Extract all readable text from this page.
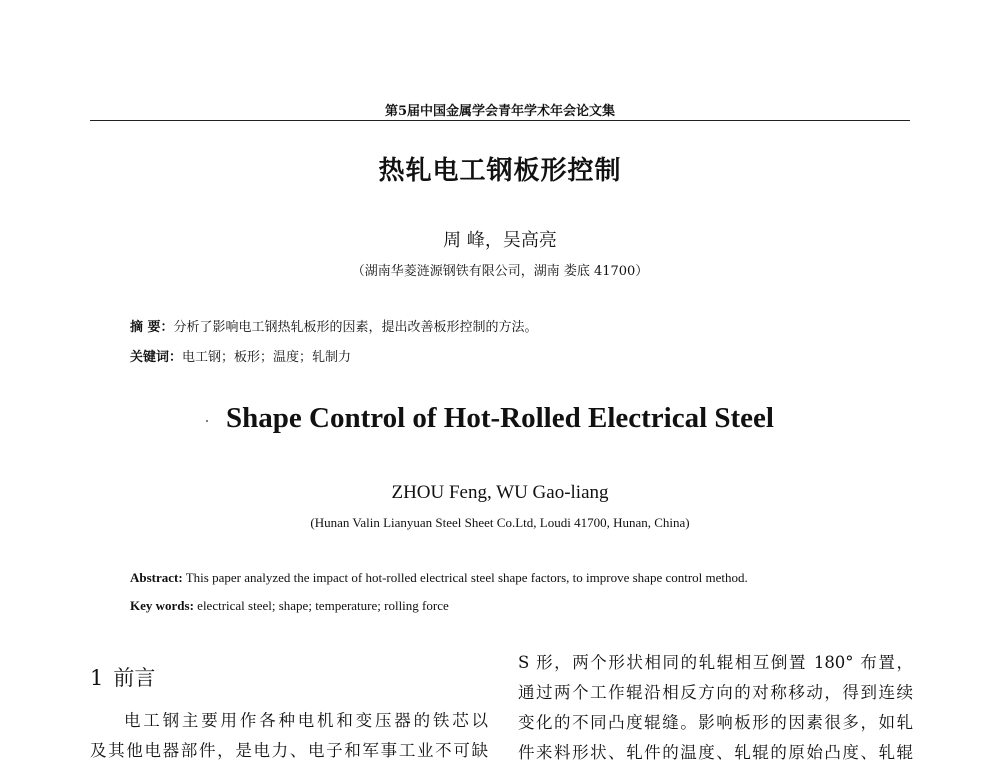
第5届中国金属学会青年学术年会论文集
热轧电工钢板形控制
周 峰，吴高亮
（湖南华菱涟源钢铁有限公司，湖南 娄底 41700）
摘 要：分析了影响电工钢热轧板形的因素，提出改善板形控制的方法。
关键词：电工钢；板形；温度；轧制力
Shape Control of Hot-Rolled Electrical Steel
ZHOU Feng, WU Gao-liang
(Hunan Valin Lianyuan Steel Sheet Co.Ltd, Loudi 41700, Hunan, China)
Abstract: This paper analyzed the impact of hot-rolled electrical steel shape factors, to improve shape control method.
Key words: electrical steel; shape; temperature; rolling force
1 前言
电工钢主要用作各种电机和变压器的铁芯以
及其他电器部件，是电力、电子和军事工业不可缺
S 形，两个形状相同的轧辊相互倒置 180° 布置，
通过两个工作辊沿相反方向的对称移动，得到连续
变化的不同凸度辊缝。影响板形的因素很多，如轧
件来料形状、轧件的温度、轧辊的原始凸度、轧辊
